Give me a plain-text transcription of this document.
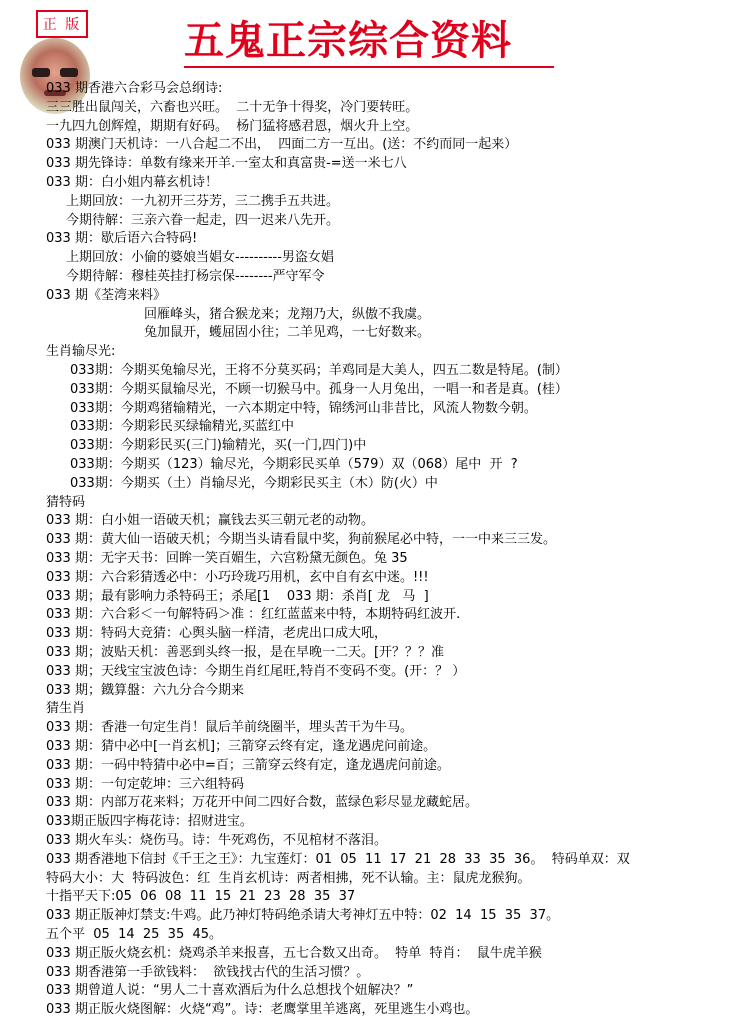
正 版	五鬼正宗综合资料
033 期香港六合彩马会总纲诗:
三三胜出鼠闯关，六畜也兴旺。  二十无争十得奖，冷门要转旺。
一九四九创辉煌，期期有好码。  杨门猛将感君恩，烟火升上空。
033 期澳门天机诗：一八合起二不出，  四面二方一互出。(送：不约而同一起来）
033 期先锋诗：单数有缘来开羊.一室太和真富贵-=送一米七八
033 期：白小姐内幕玄机诗！
上期回放：一九初开三芬芳，三二携手五共进。
今期待解：三亲六眷一起走，四一迟来八先开。
033 期：歇后语六合特码!
上期回放：小偷的婆娘当娼女----------男盗女娼
今期待解：穆桂英挂打杨宗保--------严守军令
033 期《荃湾来料》
回雁峰头，猪合猴龙来；龙翔乃大，纵傲不我虞。
兔加鼠开，蠖屈固小往；二羊见鸡，一七好数来。
生肖输尽光:
033期：今期买兔输尽光，王将不分莫买码；羊鸡同是大美人，四五二数是特尾。(制）
033期：今期买鼠输尽光，不顾一切猴马中。孤身一人月兔出，一唱一和者是真。(桂）
033期：今期鸡猪输精光，一六本期定中特，锦绣河山非昔比，风流人物数今朝。
033期：今期彩民买绿输精光,买蓝红中
033期：今期彩民买(三门)输精光，买(一门,四门)中
033期：今期买（123）输尽光，今期彩民买单（579）双（068）尾中  开  ?
033期：今期买（土）肖输尽光，今期彩民买主（木）防(火）中
猜特码
033 期：白小姐一语破天机；赢钱去买三朝元老的动物。
033 期：黄大仙一语破天机；今期当头请看鼠中奖，狗前猴尾必中特，一一中来三三发。
033 期：无字天书：回眸一笑百媚生，六宫粉黛无颜色。兔 35
033 期：六合彩猜透必中：小巧玲珑巧用机，玄中自有玄中迷。!!!
033 期；最有影响力杀特码王；杀尾[1    033 期：杀肖[ 龙   马  ]
033 期：六合彩＜一句解特码＞准 ：红红蓝蓝来中特，本期特码红波开.
033 期：特码大竞猜：心舆头脑一样清，老虎出口成大吼，
033 期；波贴天机：善恶到头终一报，是在早晚一二天。[开？？？准
033 期；天线宝宝波色诗：今期生肖红尾旺,特肖不变码不变。(开：？ ）
033 期；鐡算盤：六九分合今期来
猜生肖
033 期：香港一句定生肖！鼠后羊前绕圈半，埋头苦干为牛马。
033 期：猜中必中[一肖玄机]；三箭穿云终有定，逢龙遇虎问前途。
033 期：一码中特猜中必中=百；三箭穿云终有定，逢龙遇虎问前途。
033 期：一句定乾坤：三六组特码
033 期：内部万花来料；万花开中间二四好合数，蓝绿色彩尽显龙藏蛇居。
033期正版四字梅花诗：招财进宝。
033 期火车头：烧伤马。诗：牛死鸡伤，不见棺材不落泪。
033 期香港地下信封《千王之王》：九宝莲灯：01  05  11  17  21  28  33  35  36。  特码单双：双
特码大小：大  特码波色：红  生肖玄机诗：两者相拂，死不认输。主：鼠虎龙猴狗。
十指平天下:05  06  08  11  15  21  23  28  35  37
033 期正版神灯禁支:牛鸡。此乃神灯特码绝杀请大考神灯五中特：02  14  15  35  37。
五个平  05  14  25  35  45。
033 期正版火烧玄机：烧鸡杀羊来报喜，五七合数又出奇。  特单  特肖：  鼠牛虎羊猴
033 期香港第一手欲钱料：  欲钱找古代的生活习惯？。
033 期曾道人说：“男人二十喜欢酒后为什么总想找个妞解决？”
033 期正版火烧图解：火烧“鸡”。诗：老鹰掌里羊逃离，死里逃生小鸡也。
